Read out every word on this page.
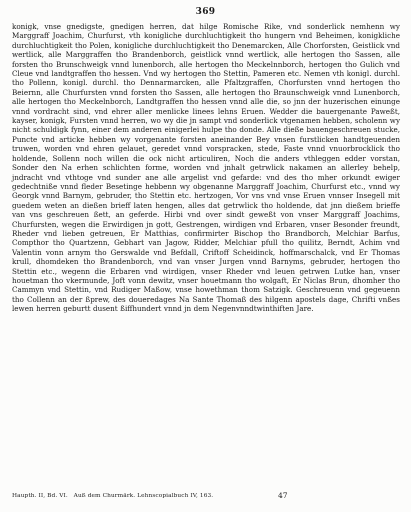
369

konigk, vnse gnedigste, gnedigen herren, dat hilge Romische Rike, vnd sonderlick nemhenn wy Marggraff Joachim, Churfurst, vth konigliche durchluchtigkeit tho hungern vnd Beheimen, konigkliche durchluchtigkeit tho Polen, konigliche durchluchtigkeit tho Denemarcken, Alle Chorforsten, Geistlick vnd wertlick, alle Marggraffen tho Brandenborch, geistlick vnnd wertlick, alle hertogen tho Sassen, alle forsten tho Brunschweigk vnnd lunenborch, alle hertogen tho Meckelnnborch, hertogen tho Gulich vnd Cleue vnd landtgraffen tho hessen. Vnd wy hertogen tho Stettin, Pameren etc. Nemen vth konigl. durchl. tho Pollenn, konigl. durchl. tho Dennarmarcken, alle Pfaltzgraffen, Chorfursten vnnd hertogen tho Beiernn, alle Churfursten vnnd forsten tho Sassen, alle hertogen tho Braunschweigk vnnd Lunenborch, alle hertogen tho Meckelnborch, Landtgraffen tho hessen vnnd alle die, so jnn der huzerischen einunge vnnd vordracht sind, vnd ehrer aller menlicke linees lehns Eruen. Wedder die bauergenante Paweßt, kayser, konigk, Fursten vnnd herren, wo wy die jn sampt vnd sonderlick vtgenamen hebben, scholenn wy nicht schuldigk fynn, einer dem anderen einigerlei hulpe tho donde. Alle dieße bauengeschreuen stucke, Puncte vnd articke hebben wy vorgenante forsten aneinander Bey vnsen furstlicken handtgeuenden truwen, worden vnd ehren gelauet, geredet vnnd vorspracken, stede, Faste vnnd vnuorbrocklick tho holdende, Sollenn noch willen die ock nicht articuliren, Noch die anders vthleggen edder vorstan, Sonder den Na erhen schlichten forme, worden vnd jnhalt getrwlick nakamen an allerley behelp, jndracht vnd vthtoge vnd sunder ane alle argelist vnd gefarde: vnd des tho mher orkundt ewiger gedechtniße vnnd fleder Besetinge hebbenn wy obgenanne Marggraff Joachim, Churfurst etc., vnnd wy Georgk vnnd Barnym, gebruder, tho Stettin etc. hertzogen, Vor vns vnd vnse Eruen vnnser Insegell mit guedem weten an dießen brieff laten hengen, alles dat getrwlick tho holdende, dat jnn dießem brieffe van vns geschreuen ßett, an geferde. Hirbi vnd over sindt geweßt von vnser Marggraff Joachims, Churfursten, wegen die Erwirdigen jn gott, Gestrengen, wirdigen vnd Erbaren, vnser Besonder freundt, Rheder vnd lieben getreuen, Er Matthias, confirmirter Bischop tho Brandborch, Melchiar Barfus, Compthor tho Quartzenn, Gebhart van Jagow, Ridder, Melchiar pfull tho quilitz, Berndt, Achim vnd Valentin vonn arnym tho Gerswalde vnd Befdall, Criftoff Scheidinck, hoffmarschalck, vnd Er Thomas krull, dhomdeken tho Brandenborch, vnd van vnser Jurgen vnnd Barnyms, gebruder, hertogen tho Stettin etc., wegenn die Erbaren vnd wirdigen, vnser Rheder vnd leuen getrwen Lutke han, vnser houetman tho vkermunde, Joft vonn dewitz, vnser houetmann tho wolgaft, Er Niclas Brun, dhomher tho Cammyn vnd Stettin, vnd Rudiger Maßow, vnse howethman thom Satzigk. Geschreuenn vnd gegeuenn tho Collenn an der ßprew, des doueredages Na Sante Thomaß des hilgenn apostels dage, Chrifti vnßes lewen herren geburtt dusent ßiffhundert vnnd jn dem Negenvnndtwinthiften Jare.

Haupth. II, Bd. VI. Auß dem Churmärk. Lehnscopialbuch IV, 163.	47
